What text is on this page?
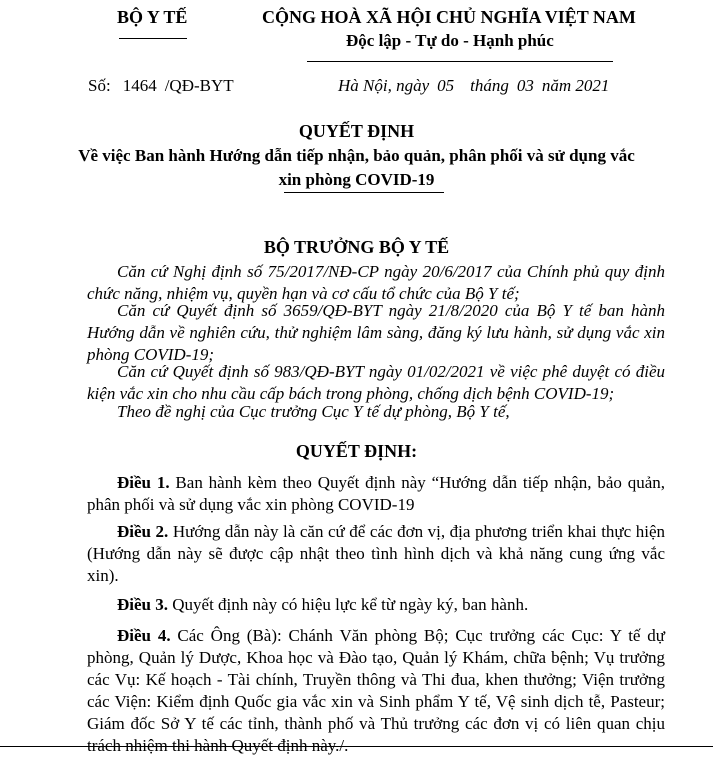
BỘ Y TẾ	CỘNG HOÀ XÃ HỘI CHỦ NGHĨA VIỆT NAM
Độc lập - Tự do - Hạnh phúc
Số: 1464 /QĐ-BYT	Hà Nội, ngày 05 tháng 03 năm 2021
QUYẾT ĐỊNH
Về việc Ban hành Hướng dẫn tiếp nhận, bảo quản, phân phối và sử dụng vắc
xin phòng COVID-19
BỘ TRƯỞNG BỘ Y TẾ
Căn cứ Nghị định số 75/2017/NĐ-CP ngày 20/6/2017 của Chính phủ quy định chức năng, nhiệm vụ, quyền hạn và cơ cấu tổ chức của Bộ Y tế;
Căn cứ Quyết định số 3659/QĐ-BYT ngày 21/8/2020 của Bộ Y tế ban hành Hướng dẫn về nghiên cứu, thử nghiệm lâm sàng, đăng ký lưu hành, sử dụng vắc xin phòng COVID-19;
Căn cứ Quyết định số 983/QĐ-BYT ngày 01/02/2021 về việc phê duyệt có điều kiện vắc xin cho nhu cầu cấp bách trong phòng, chống dịch bệnh COVID-19;
Theo đề nghị của Cục trưởng Cục Y tế dự phòng, Bộ Y tế,
QUYẾT ĐỊNH:
Điều 1. Ban hành kèm theo Quyết định này “Hướng dẫn tiếp nhận, bảo quản, phân phối và sử dụng vắc xin phòng COVID-19
Điều 2. Hướng dẫn này là căn cứ để các đơn vị, địa phương triển khai thực hiện (Hướng dẫn này sẽ được cập nhật theo tình hình dịch và khả năng cung ứng vắc xin).
Điều 3. Quyết định này có hiệu lực kể từ ngày ký, ban hành.
Điều 4. Các Ông (Bà): Chánh Văn phòng Bộ; Cục trưởng các Cục: Y tế dự phòng, Quản lý Dược, Khoa học và Đào tạo, Quản lý Khám, chữa bệnh; Vụ trưởng các Vụ: Kế hoạch - Tài chính, Truyền thông và Thi đua, khen thưởng; Viện trưởng các Viện: Kiểm định Quốc gia vắc xin và Sinh phẩm Y tế, Vệ sinh dịch tễ, Pasteur; Giám đốc Sở Y tế các tỉnh, thành phố và Thủ trưởng các đơn vị có liên quan chịu trách nhiệm thi hành Quyết định này./.
